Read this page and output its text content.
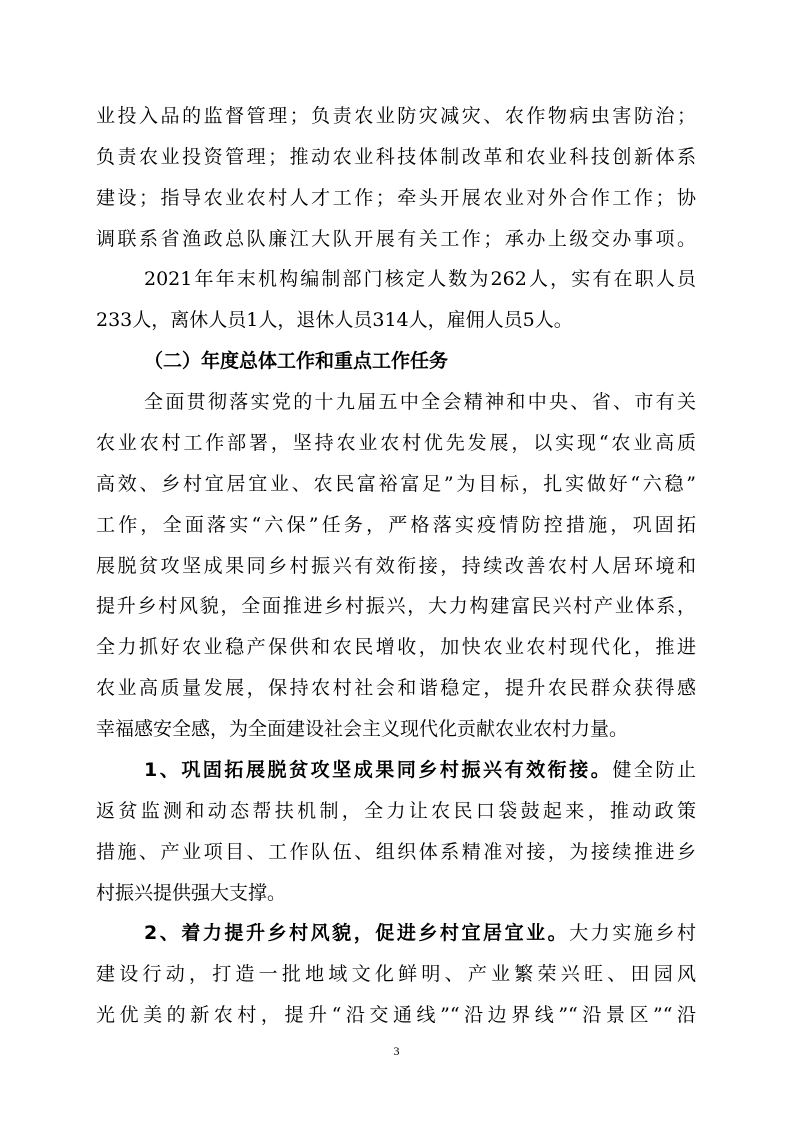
业投入品的监督管理；负责农业防灾减灾、农作物病虫害防治；
负责农业投资管理；推动农业科技体制改革和农业科技创新体系
建设；指导农业农村人才工作；牵头开展农业对外合作工作；协
调联系省渔政总队廉江大队开展有关工作；承办上级交办事项。
2021年年末机构编制部门核定人数为262人，实有在职人员
233人，离休人员1人，退休人员314人，雇佣人员5人。
（二）年度总体工作和重点工作任务
全面贯彻落实党的十九届五中全会精神和中央、省、市有关
农业农村工作部署，坚持农业农村优先发展，以实现“农业高质
高效、乡村宜居宜业、农民富裕富足”为目标，扎实做好“六稳”
工作，全面落实“六保”任务，严格落实疫情防控措施，巩固拓
展脱贫攻坚成果同乡村振兴有效衔接，持续改善农村人居环境和
提升乡村风貌，全面推进乡村振兴，大力构建富民兴村产业体系，
全力抓好农业稳产保供和农民增收，加快农业农村现代化，推进
农业高质量发展，保持农村社会和谐稳定，提升农民群众获得感
幸福感安全感，为全面建设社会主义现代化贡献农业农村力量。
1、巩固拓展脱贫攻坚成果同乡村振兴有效衔接。健全防止
返贫监测和动态帮扶机制，全力让农民口袋鼓起来，推动政策
措施、产业项目、工作队伍、组织体系精准对接，为接续推进乡
村振兴提供强大支撑。
2、着力提升乡村风貌，促进乡村宜居宜业。大力实施乡村
3
建设行动，打造一批地域文化鲜明、产业繁荣兴旺、田园风
光优美的新农村，提升“沿交通线”“沿边界线”“沿景区”“沿
